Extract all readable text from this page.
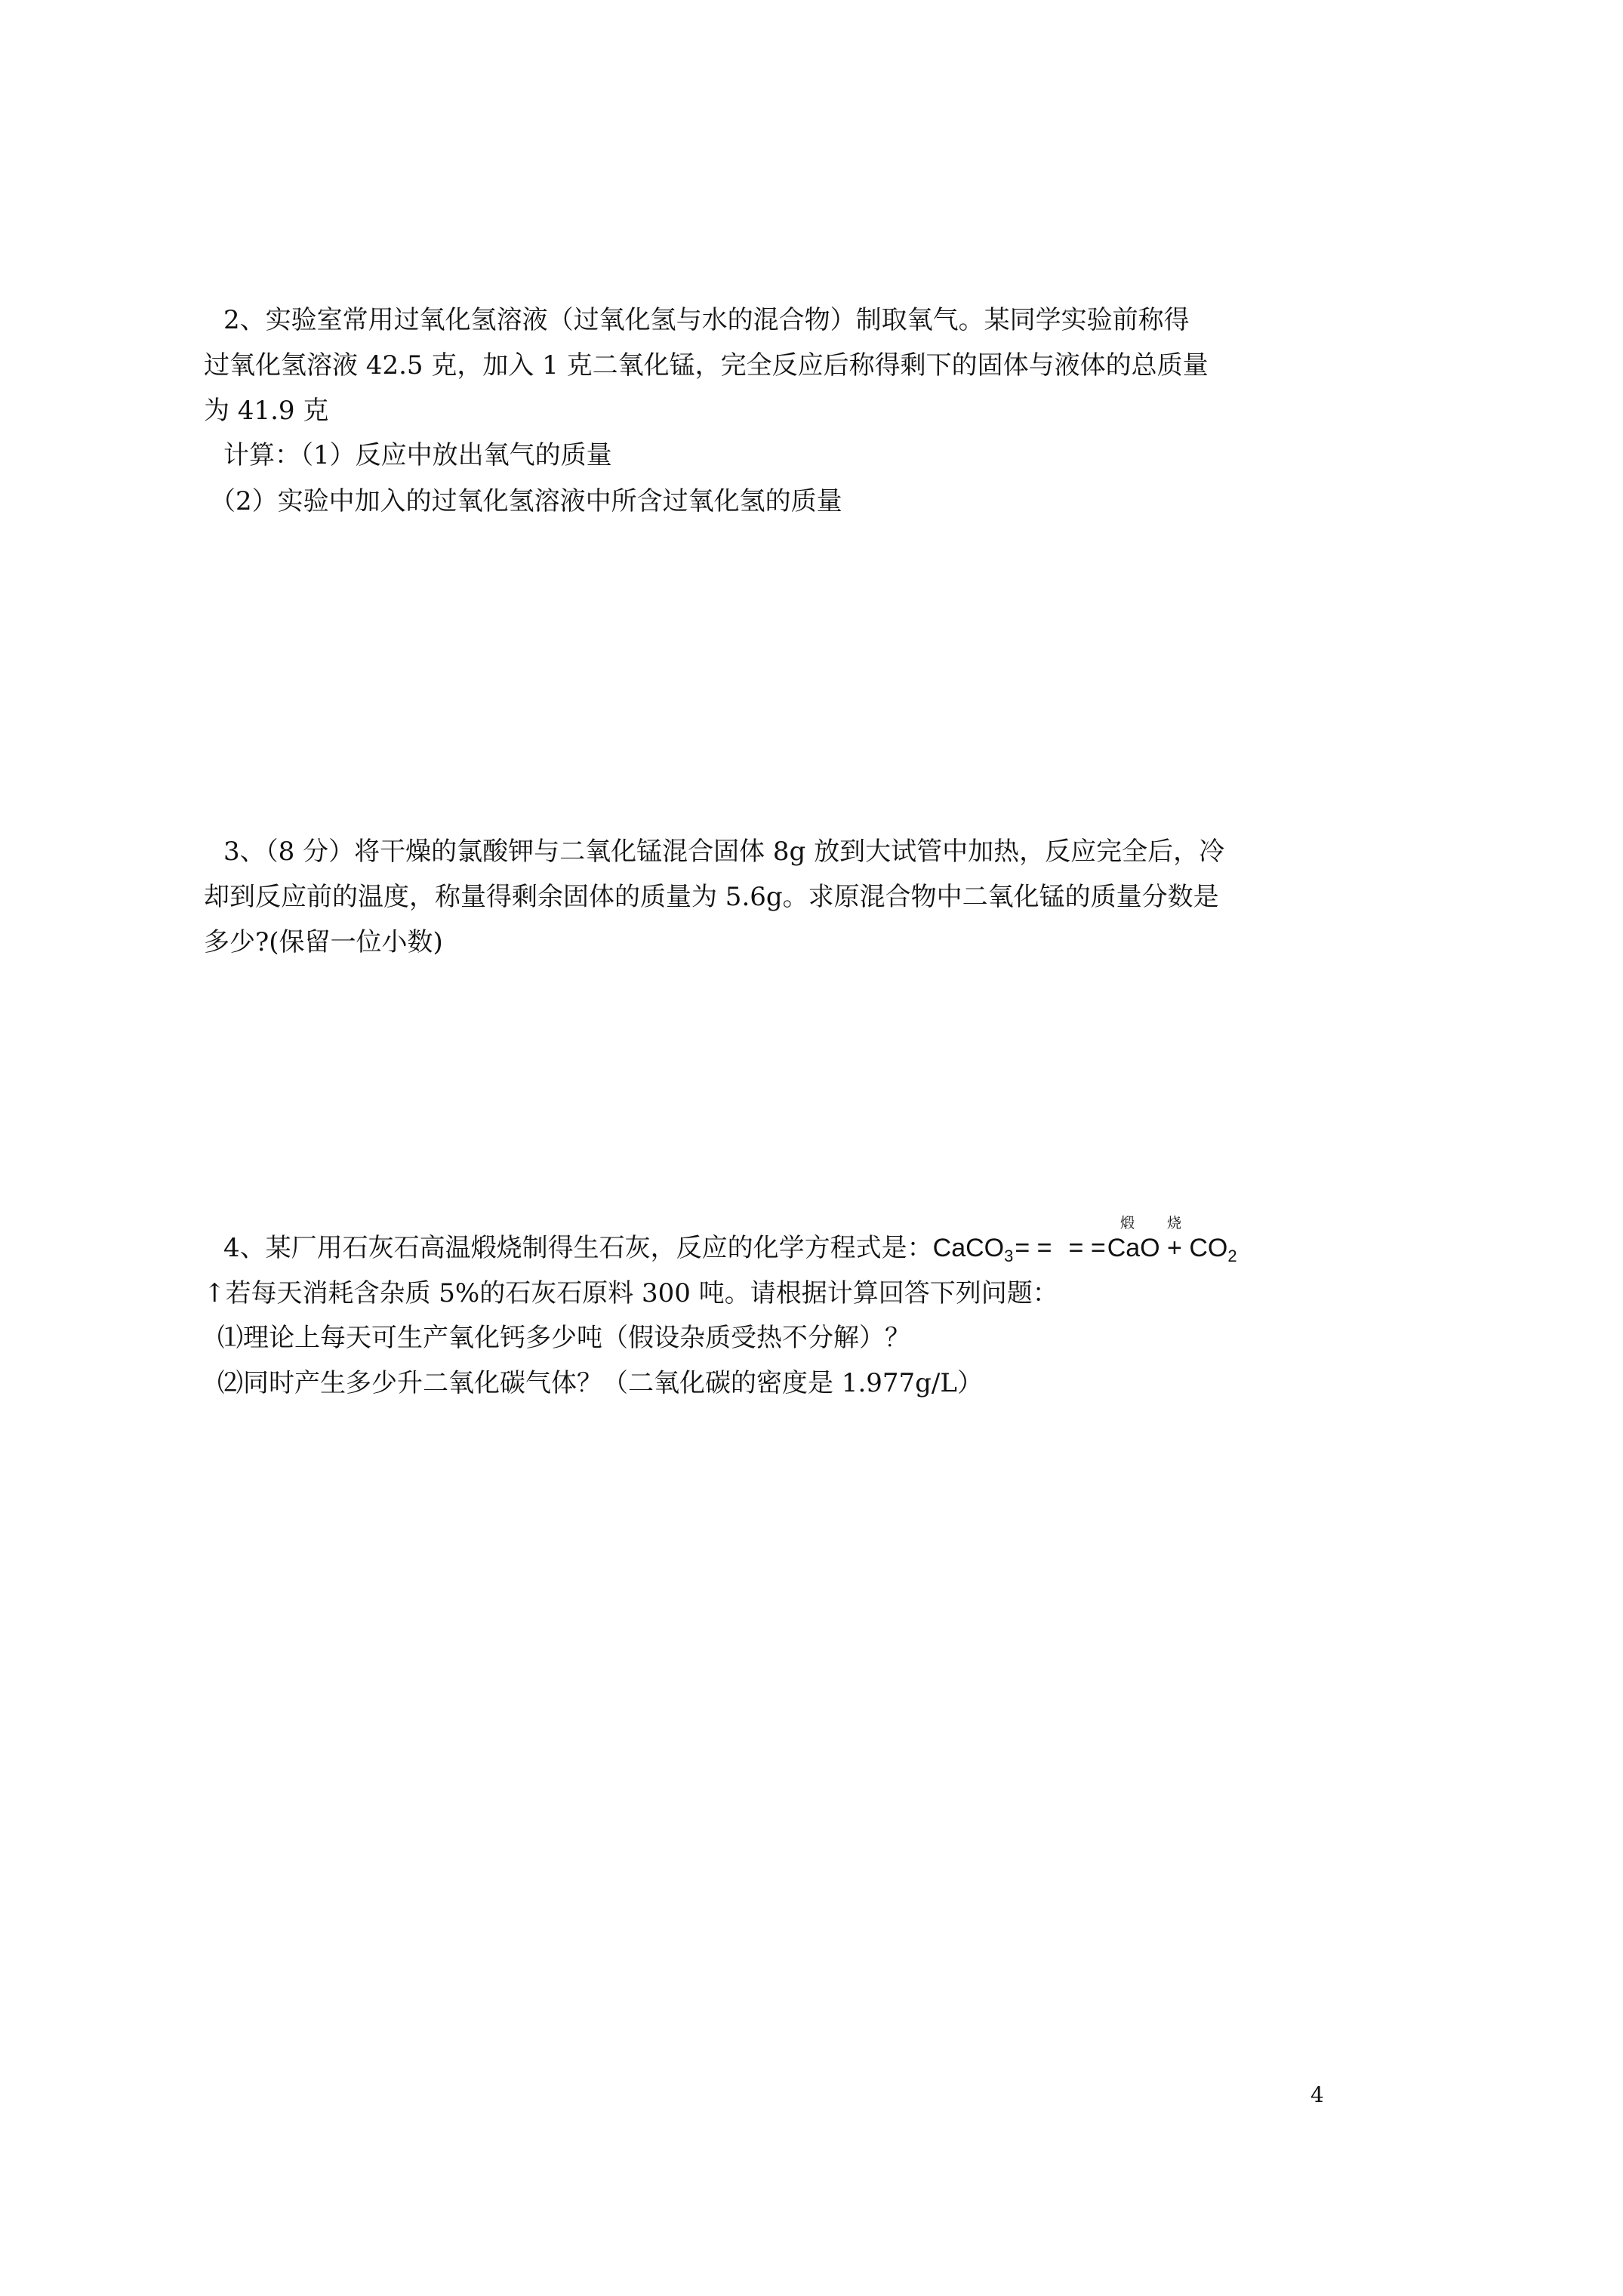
2、实验室常用过氧化氢溶液（过氧化氢与水的混合物）制取氧气。某同学实验前称得
过氧化氢溶液 42.5 克，加入 1 克二氧化锰，完全反应后称得剩下的固体与液体的总质量
为 41.9 克
计算：（1）反应中放出氧气的质量
（2）实验中加入的过氧化氢溶液中所含过氧化氢的质量
3、（8 分）将干燥的氯酸钾与二氧化锰混合固体 8g 放到大试管中加热，反应完全后，冷
却到反应前的温度，称量得剩余固体的质量为 5.6g。求原混合物中二氧化锰的质量分数是
多少?(保留一位小数)
煅 烧
4、某厂用石灰石高温煅烧制得生石灰，反应的化学方程式是：CaCO$_3$= = = $=CaO + CO_2$
↑若每天消耗含杂质 5%的石灰石原料 300 吨。请根据计算回答下列问题：
⑴理论上每天可生产氧化钙多少吨（假设杂质受热不分解）？
⑵同时产生多少升二氧化碳气体？（二氧化碳的密度是 1.977g/L）
4
